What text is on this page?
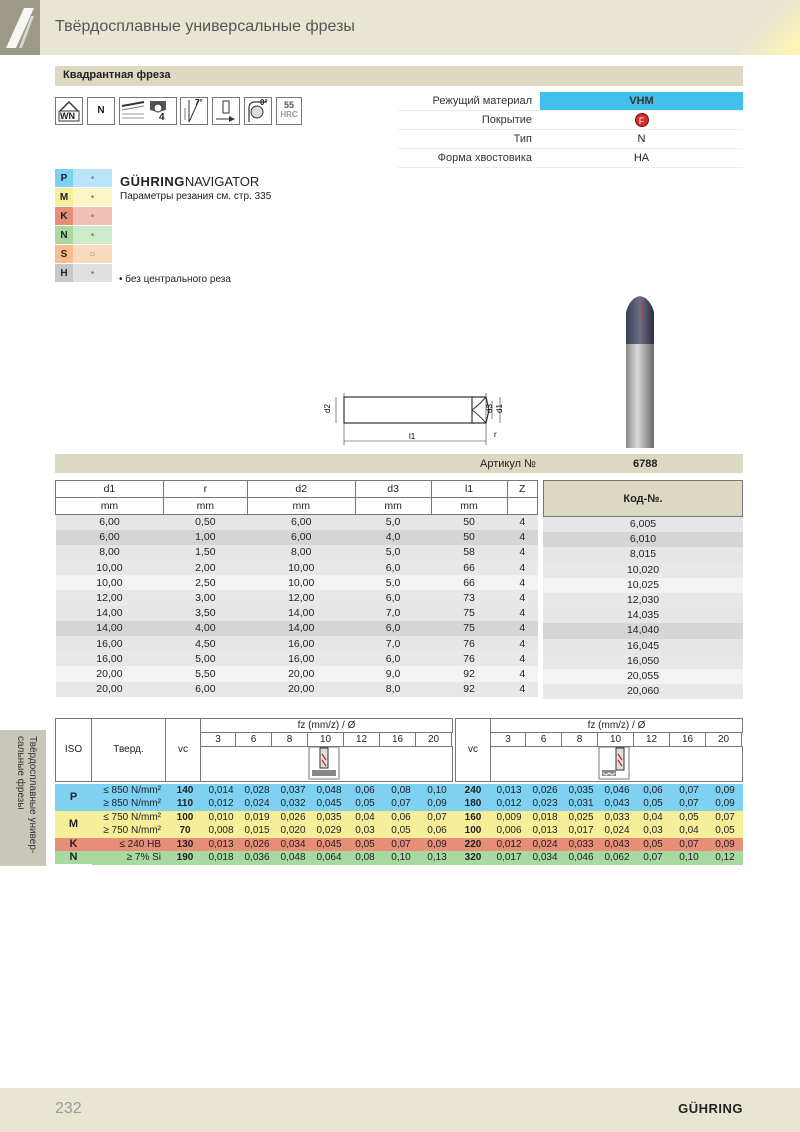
Твёрдосплавные универсальные фрезы
Квадрантная фреза
WN	N
4
7°	0°	55
HRC
Режущий материал	VHM
Покрытие	F
Тип	N
Форма хвостовика	HA
P	•
M	•
K	•
N	•
S	○
H	•
GÜHRINGNAVIGATOR
Параметры резания см. стр. 335
• без центрального реза
d2	d3 d1
l1	r
Артикул №	6788
d1	r	d2	d3	l1	Z
mm	mm	mm	mm	mm	
6,00	0,50	6,00	5,0	50	4
6,00	1,00	6,00	4,0	50	4
8,00	1,50	8,00	5,0	58	4
10,00	2,00	10,00	6,0	66	4
10,00	2,50	10,00	5,0	66	4
12,00	3,00	12,00	6,0	73	4
14,00	3,50	14,00	7,0	75	4
14,00	4,00	14,00	6,0	75	4
16,00	4,50	16,00	7,0	76	4
16,00	5,00	16,00	6,0	76	4
20,00	5,50	20,00	9,0	92	4
20,00	6,00	20,00	8,0	92	4
Код-№.
6,005
6,010
8,015
10,020
10,025
12,030
14,035
14,040
16,045
16,050
20,055
20,060
Твёрдосплавные универ-
сальные фрезы	ISO	Тверд.	vc
fz (mm/z) / Ø
3	6	8	10	12	16	20
vc
fz (mm/z) / Ø
3	6	8	10	12	16	20
P
≤ 850 N/mm²	140	0,014	0,028	0,037	0,048	0,06	0,08	0,10	240	0,013	0,026	0,035	0,046	0,06	0,07	0,09
≥ 850 N/mm²	110	0,012	0,024	0,032	0,045	0,05	0,07	0,09	180	0,012	0,023	0,031	0,043	0,05	0,07	0,09
M
≤ 750 N/mm²	100	0,010	0,019	0,026	0,035	0,04	0,06	0,07	160	0,009	0,018	0,025	0,033	0,04	0,05	0,07
≥ 750 N/mm²	70	0,008	0,015	0,020	0,029	0,03	0,05	0,06	100	0,006	0,013	0,017	0,024	0,03	0,04	0,05
K	≤ 240 HB	130	0,013	0,026	0,034	0,045	0,05	0,07	0,09	220	0,012	0,024	0,033	0,043	0,05	0,07	0,09
N	≥ 7% Si	190	0,018	0,036	0,048	0,064	0,08	0,10	0,13	320	0,017	0,034	0,046	0,062	0,07	0,10	0,12
232	GÜHRING
